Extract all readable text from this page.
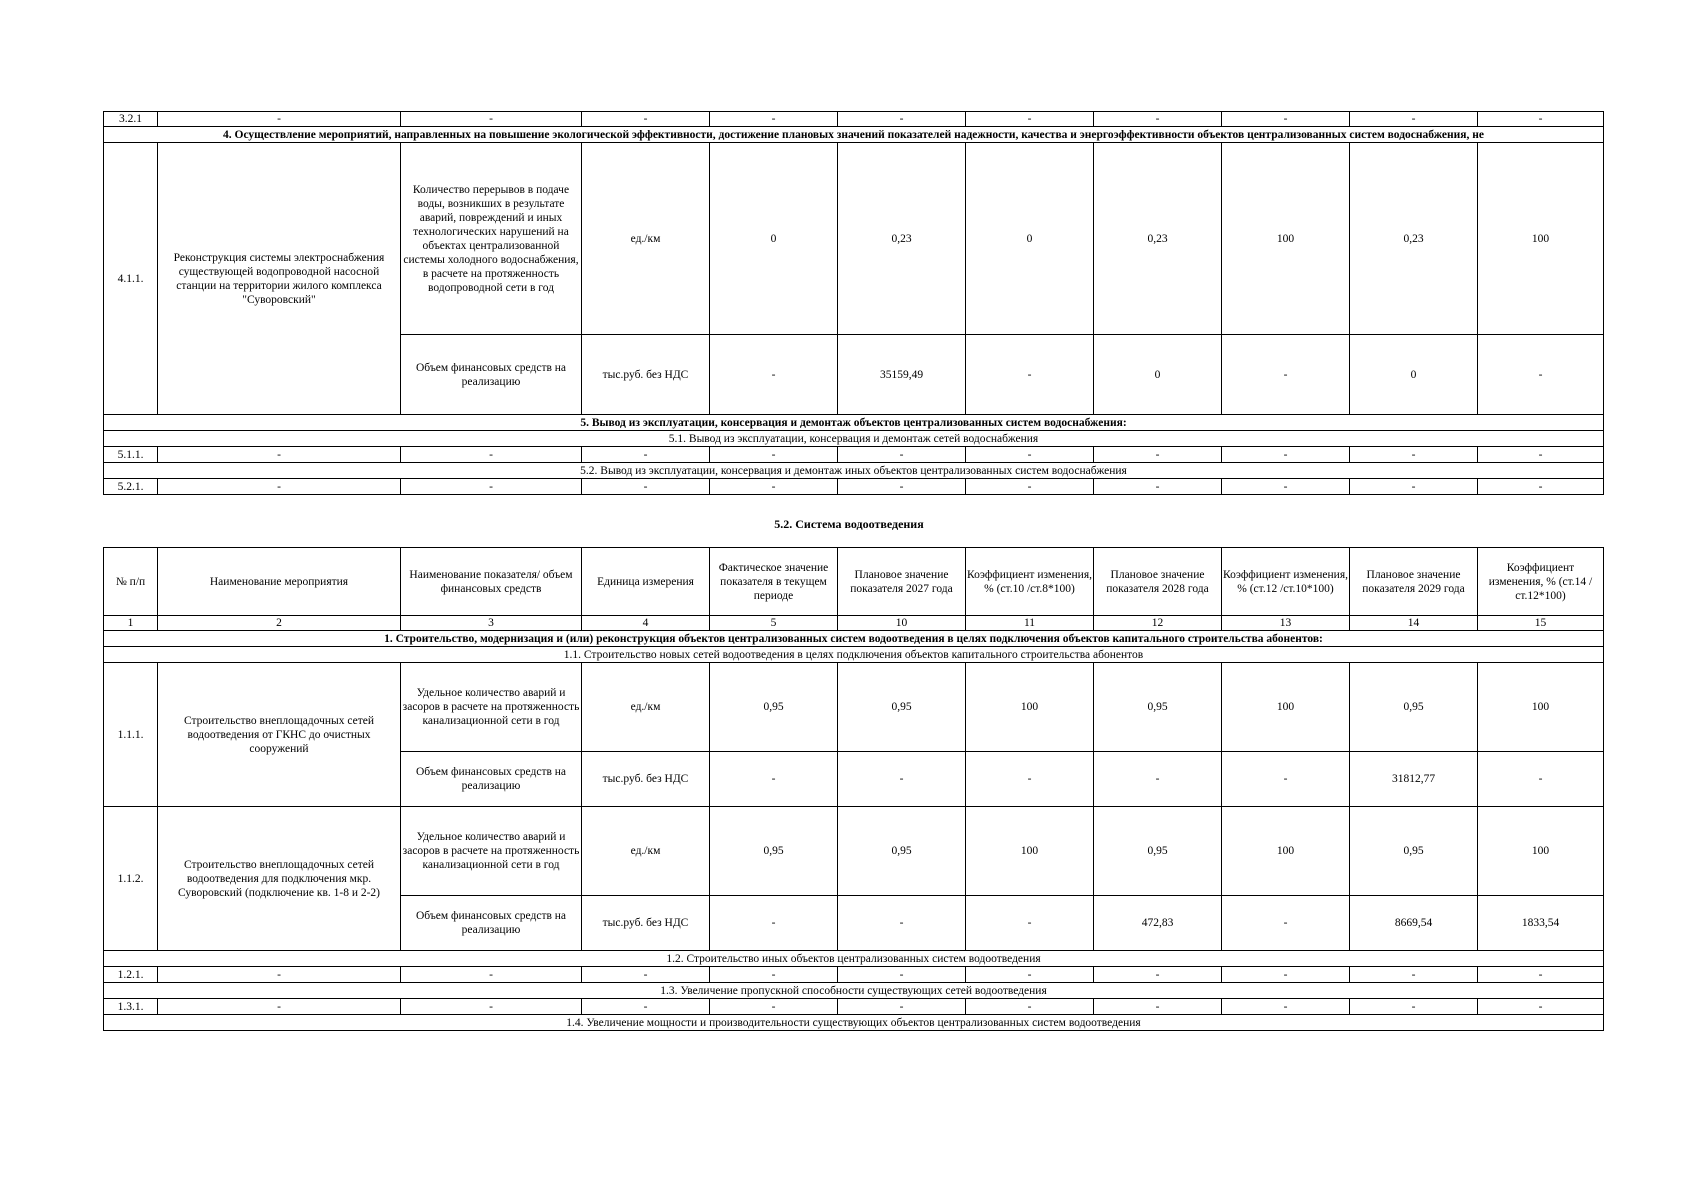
3.2.1	-	-	-	-	-	-	-	-	-	-
4. Осуществление мероприятий, направленных на повышение экологической эффективности, достижение плановых значений показателей надежности, качества и энергоэффективности объектов централизованных систем водоснабжения, не										
4.1.1.	Реконструкция системы электроснабжения существующей водопроводной насосной станции на территории жилого комплекса "Суворовский"	Количество перерывов в подаче воды, возникших в результате аварий, повреждений и иных технологических нарушений на объектах централизованной системы холодного водоснабжения, в расчете на протяженность водопроводной сети в год	ед./км	0	0,23	0	0,23	100	0,23	100
		Объем финансовых средств на реализацию	тыс.руб. без НДС	-	35159,49	-	0	-	0	-
5. Вывод из эксплуатации, консервация и демонтаж объектов централизованных систем водоснабжения:										
5.1. Вывод из эксплуатации, консервация и демонтаж сетей водоснабжения										
5.1.1.	-	-	-	-	-	-	-	-	-	-
5.2. Вывод из эксплуатации, консервация и демонтаж иных объектов централизованных систем водоснабжения										
5.2.1.	-	-	-	-	-	-	-	-	-	-
5.2. Система водоотведения
№ п/п	Наименование мероприятия	Наименование показателя/ объем финансовых средств	Единица измерения	Фактическое значение показателя в текущем периоде	Плановое значение показателя 2027 года	Коэффициент изменения, % (ст.10 /ст.8*100)	Плановое значение показателя 2028 года	Коэффициент изменения, % (ст.12 /ст.10*100)	Плановое значение показателя 2029 года	Коэффициент изменения, % (ст.14 /ст.12*100)
1	2	3	4	5	10	11	12	13	14	15
1. Строительство, модернизация и (или) реконструкция объектов централизованных систем водоотведения в целях подключения объектов капитального строительства абонентов:										
1.1. Строительство новых сетей водоотведения в целях подключения объектов капитального строительства абонентов										
1.1.1.	Строительство внеплощадочных сетей водоотведения от ГКНС до очистных сооружений	Удельное количество аварий и засоров в расчете на протяженность канализационной сети в год	ед./км	0,95	0,95	100	0,95	100	0,95	100
		Объем финансовых средств на реализацию	тыс.руб. без НДС	-	-	-	-	-	31812,77	-
1.1.2.	Строительство внеплощадочных сетей водоотведения для подключения мкр. Суворовский (подключение кв. 1-8 и 2-2)	Удельное количество аварий и засоров в расчете на протяженность канализационной сети в год	ед./км	0,95	0,95	100	0,95	100	0,95	100
		Объем финансовых средств на реализацию	тыс.руб. без НДС	-	-	-	472,83	-	8669,54	1833,54
1.2. Строительство иных объектов централизованных систем водоотведения										
1.2.1.	-	-	-	-	-	-	-	-	-	-
1.3. Увеличение пропускной способности существующих сетей водоотведения										
1.3.1.	-	-	-	-	-	-	-	-	-	-
1.4. Увеличение мощности и производительности существующих объектов централизованных систем водоотведения										
